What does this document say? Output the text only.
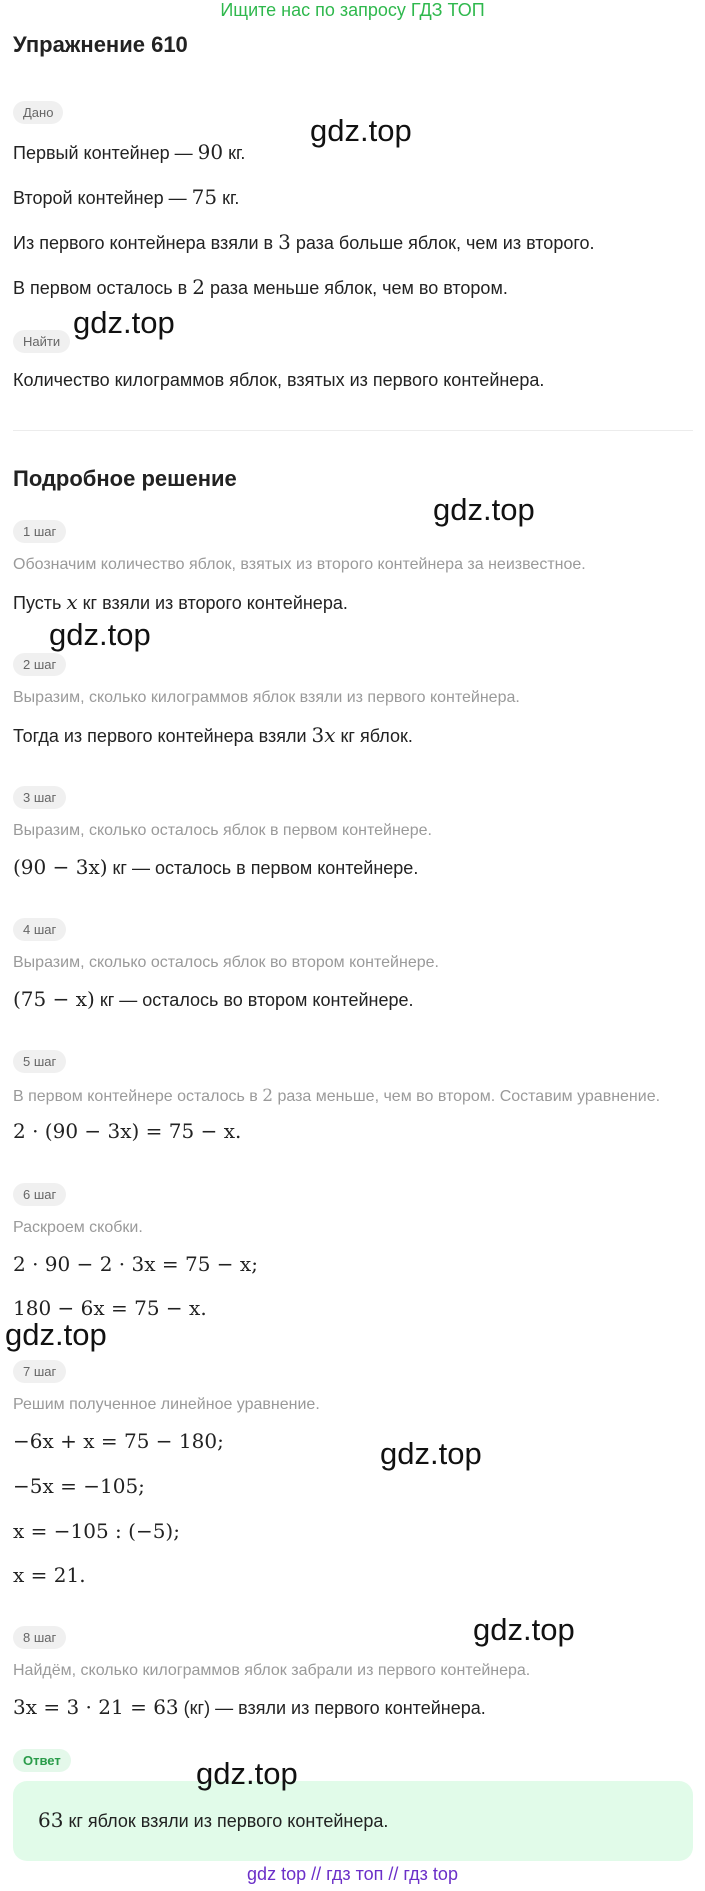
Ищите нас по запросу ГДЗ ТОП
Упражнение 610
Дано
Первый контейнер — 90 кг.
Второй контейнер — 75 кг.
Из первого контейнера взяли в 3 раза больше яблок, чем из второго.
В первом осталось в 2 раза меньше яблок, чем во втором.
Найти
Количество килограммов яблок, взятых из первого контейнера.
Подробное решение
1 шаг
Обозначим количество яблок, взятых из второго контейнера за неизвестное.
Пусть x кг взяли из второго контейнера.
2 шаг
Выразим, сколько килограммов яблок взяли из первого контейнера.
Тогда из первого контейнера взяли 3x кг яблок.
3 шаг
Выразим, сколько осталось яблок в первом контейнере.
(90 − 3x) кг — осталось в первом контейнере.
4 шаг
Выразим, сколько осталось яблок во втором контейнере.
(75 − x) кг — осталось во втором контейнере.
5 шаг
В первом контейнере осталось в 2 раза меньше, чем во втором. Составим уравнение.
2 · (90 − 3x) = 75 − x.
6 шаг
Раскроем скобки.
2 · 90 − 2 · 3x = 75 − x;
180 − 6x = 75 − x.
7 шаг
Решим полученное линейное уравнение.
−6x + x = 75 − 180;
−5x = −105;
x = −105 : (−5);
x = 21.
8 шаг
Найдём, сколько килограммов яблок забрали из первого контейнера.
3x = 3 · 21 = 63 (кг) — взяли из первого контейнера.
Ответ
63 кг яблок взяли из первого контейнера.
gdz.top
gdz.top
gdz.top
gdz.top
gdz.top
gdz.top
gdz.top
gdz.top
gdz top // гдз топ // гдз top
